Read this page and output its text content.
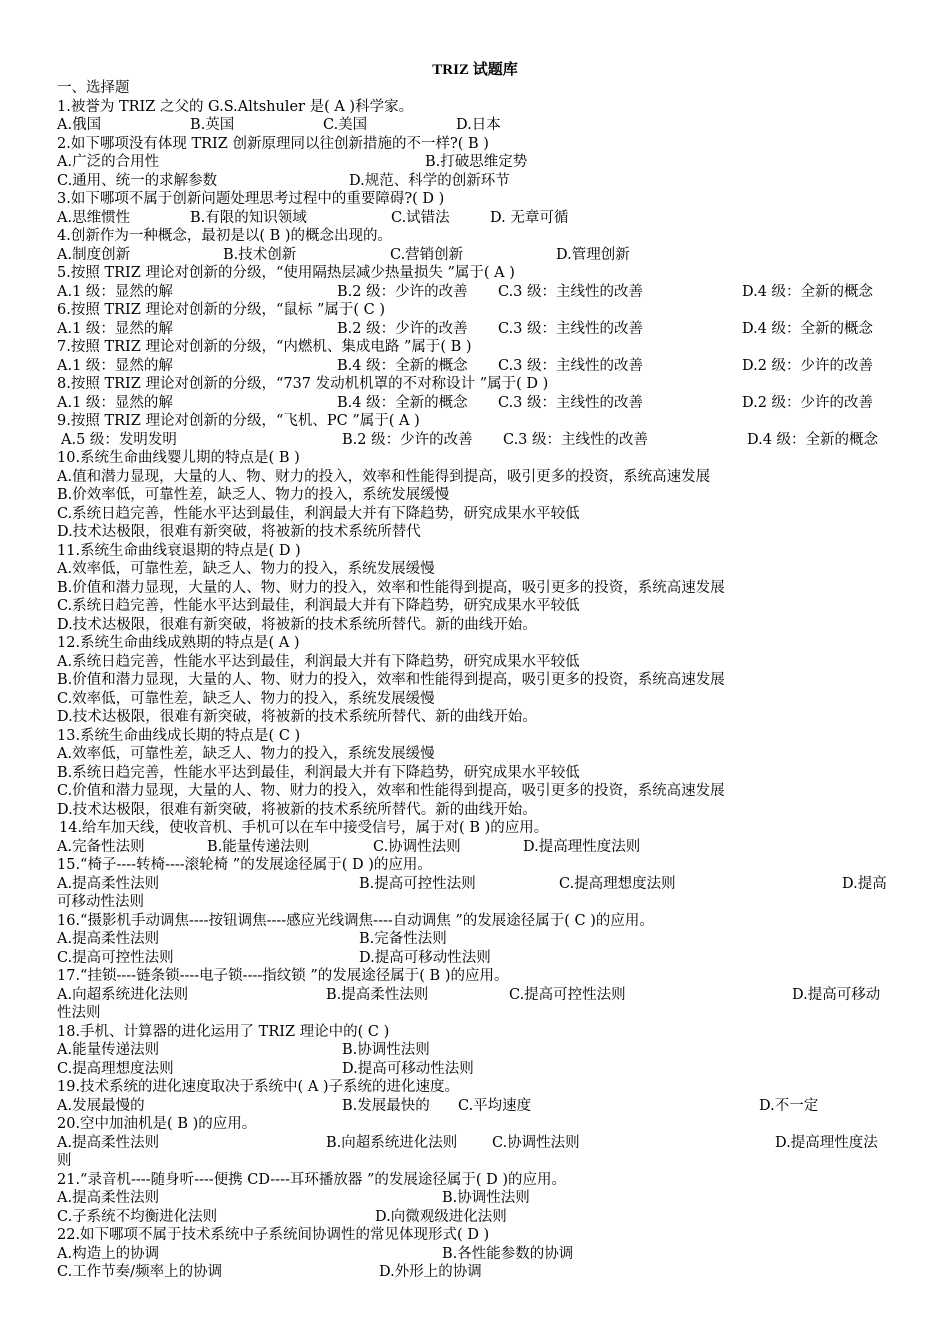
TRIZ 试题库
一、选择题
1.被誉为 TRIZ 之父的 G.S.Altshuler 是( A )科学家。
A.俄国	B.英国	C.美国	D.日本
2.如下哪项没有体现 TRIZ 创新原理同以往创新措施的不一样?( B )
A.广泛的合用性	B.打破思维定势
C.通用、统一的求解参数	D.规范、科学的创新环节
3.如下哪项不属于创新问题处理思考过程中的重要障碍?( D )
A.思维惯性	B.有限的知识领域	C.试错法	D. 无章可循
4.创新作为一种概念，最初是以( B )的概念出现的。
A.制度创新	B.技术创新	C.营销创新	D.管理创新
5.按照 TRIZ 理论对创新的分级，“使用隔热层减少热量损失 ”属于( A )
A.1 级：显然的解	B.2 级：少许的改善 C.3 级：主线性的改善	D.4 级：全新的概念
6.按照 TRIZ 理论对创新的分级，“鼠标 ”属于( C )
A.1 级：显然的解	B.2 级：少许的改善 C.3 级：主线性的改善	D.4 级：全新的概念
7.按照 TRIZ 理论对创新的分级，“内燃机、集成电路 ”属于( B )
A.1 级：显然的解	B.4 级：全新的概念 C.3 级：主线性的改善	D.2 级：少许的改善
8.按照 TRIZ 理论对创新的分级，“737 发动机机罩的不对称设计 ”属于( D )
A.1 级：显然的解	B.4 级：全新的概念 C.3 级：主线性的改善	D.2 级：少许的改善
9.按照 TRIZ 理论对创新的分级，“飞机、PC ”属于( A )
A.5 级：发明发明	B.2 级：少许的改善 C.3 级：主线性的改善	D.4 级：全新的概念
10.系统生命曲线婴儿期的特点是( B )
A.值和潜力显现，大量的人、物、财力的投入，效率和性能得到提高，吸引更多的投资，系统高速发展
B.价效率低，可靠性差，缺乏人、物力的投入，系统发展缓慢
C.系统日趋完善，性能水平达到最佳，利润最大并有下降趋势，研究成果水平较低
D.技术达极限，很难有新突破，将被新的技术系统所替代
11.系统生命曲线衰退期的特点是( D )
A.效率低，可靠性差，缺乏人、物力的投入，系统发展缓慢
B.价值和潜力显现，大量的人、物、财力的投入，效率和性能得到提高，吸引更多的投资，系统高速发展
C.系统日趋完善，性能水平达到最佳，利润最大并有下降趋势，研究成果水平较低
D.技术达极限，很难有新突破，将被新的技术系统所替代。新的曲线开始。
12.系统生命曲线成熟期的特点是( A )
A.系统日趋完善，性能水平达到最佳，利润最大并有下降趋势，研究成果水平较低
B.价值和潜力显现，大量的人、物、财力的投入，效率和性能得到提高，吸引更多的投资，系统高速发展
C.效率低，可靠性差，缺乏人、物力的投入，系统发展缓慢
D.技术达极限，很难有新突破，将被新的技术系统所替代、新的曲线开始。
13.系统生命曲线成长期的特点是( C )
A.效率低，可靠性差，缺乏人、物力的投入，系统发展缓慢
B.系统日趋完善，性能水平达到最佳，利润最大并有下降趋势，研究成果水平较低
C.价值和潜力显现，大量的人、物、财力的投入，效率和性能得到提高，吸引更多的投资，系统高速发展
D.技术达极限，很难有新突破，将被新的技术系统所替代。新的曲线开始。
14.给车加天线，使收音机、手机可以在车中接受信号，属于对( B )的应用。
A.完备性法则	B.能量传递法则	C.协调性法则	D.提高理性度法则
15.“椅子----转椅----滚轮椅 ”的发展途径属于( D )的应用。
A.提高柔性法则	B.提高可控性法则	C.提高理想度法则	D.提高
可移动性法则
16.“摄影机手动调焦----按钮调焦----感应光线调焦----自动调焦 ”的发展途径属于( C )的应用。
A.提高柔性法则	B.完备性法则
C.提高可控性法则	D.提高可移动性法则
17.“挂锁----链条锁----电子锁----指纹锁 ”的发展途径属于( B )的应用。
A.向超系统进化法则	B.提高柔性法则	C.提高可控性法则	D.提高可移动
性法则
18.手机、计算器的进化运用了 TRIZ 理论中的( C )
A.能量传递法则	B.协调性法则
C.提高理想度法则	D.提高可移动性法则
19.技术系统的进化速度取决于系统中( A )子系统的进化速度。
A.发展最慢的	B.发展最快的 C.平均速度	D.不一定
20.空中加油机是( B )的应用。
A.提高柔性法则	B.向超系统进化法则 C.协调性法则	D.提高理性度法
则
21.“录音机----随身听----便携 CD----耳环播放器 ”的发展途径属于( D )的应用。
A.提高柔性法则	B.协调性法则
C.子系统不均衡进化法则	D.向微观级进化法则
22.如下哪项不属于技术系统中子系统间协调性的常见体现形式( D )
A.构造上的协调	B.各性能参数的协调
C.工作节奏/频率上的协调	D.外形上的协调
